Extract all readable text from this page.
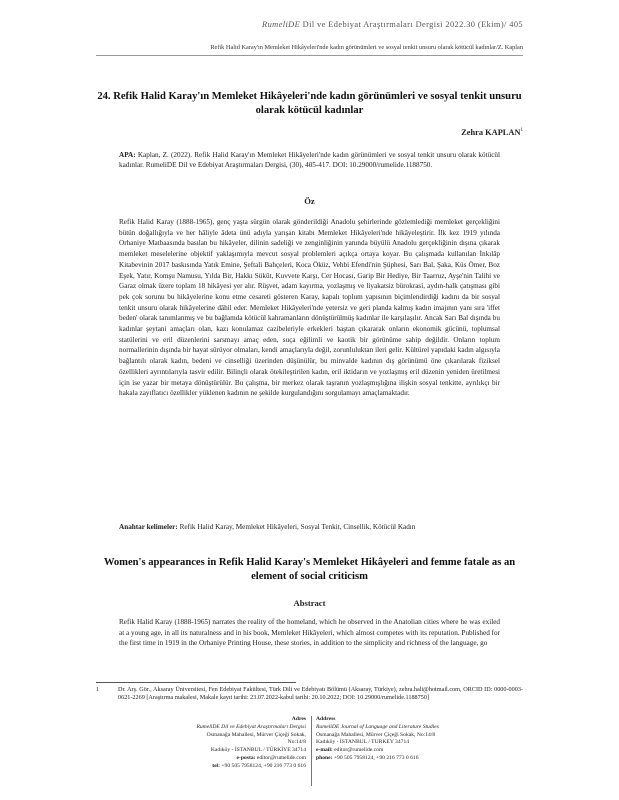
RumeliDE Dil ve Edebiyat Araştırmaları Dergisi 2022.30 (Ekim)/ 405
Refik Halid Karay'ın Memleket Hikâyeleri'nde kadın görünümleri ve sosyal tenkit unsuru olarak kötücül kadınlar/Z. Kaplan
24. Refik Halid Karay'ın Memleket Hikâyeleri'nde kadın görünümleri ve sosyal tenkit unsuru olarak kötücül kadınlar
Zehra KAPLAN$^1$
APA: Kaplan, Z. (2022). Refik Halid Karay'ın Memleket Hikâyeleri'nde kadın görünümleri ve sosyal tenkit unsuru olarak kötücül kadınlar. RumeliDE Dil ve Edebiyat Araştırmaları Dergisi, (30), 405-417. DOI: 10.29000/rumelide.1188750.
Öz
Refik Halid Karay (1888-1965), genç yaşta sürgün olarak gönderildiği Anadolu şehirlerinde gözlemlediği memleket gerçekliğini bütün doğallığıyla ve her hâliyle âdeta ünü adıyla yarışan kitabı Memleket Hikâyeleri'nde hikâyeleştirir. İlk kez 1919 yılında Orhaniye Matbaasında basılan bu hikâyeler, dilinin sadeliği ve zenginliğinin yanında büyülü Anadolu gerçekliğinin dışına çıkarak memleket meselelerine objektif yaklaşımıyla mevcut sosyal problemleri açıkça ortaya koyar. Bu çalışmada kullanılan İnkılâp Kitabevinin 2017 baskısında Yatık Emine, Şeftali Bahçeleri, Koca Öküz, Vehbi Efendi'nin Şüphesi, Sarı Bal, Şaka, Küs Ömer, Boz Eşek, Yatır, Komşu Namusu, Yılda Bir, Hakkı Sükût, Kuvvete Karşı, Cer Hocası, Garip Bir Hediye, Bir Taarruz, Ayşe'nin Talihi ve Garaz olmak üzere toplam 18 hikâyesi yer alır. Rüşvet, adam kayırma, yozlaşmış ve liyakatsiz bürokrasi, aydın-halk çatışması gibi pek çok sorunu bu hikâyelerine konu etme cesareti gösteren Karay, kapalı toplum yapısının biçimlendirdiği kadını da bir sosyal tenkit unsuru olarak hikâyelerine dâhil eder. Memleket Hikâyeleri'nde yetersiz ve geri planda kalmış kadın imajının yanı sıra 'iffet beden' olarak tanımlanmış ve bu bağlamda kötücül kahramanların dönüştürülmüş kadınlar ile karşılaşılır. Ancak Sarı Bal dışında bu kadınlar şeytani amaçları olan, kazı konulamaz cazibeleriyle erkekleri baştan çıkararak onların ekonomik gücünü, toplumsal statülerini ve eril düzenlerini sarsmayı amaç eden, suça eğilimli ve kaotik bir görünüme sahip değildir. Onların toplum normallerinin dışında bir hayat sürüyor olmaları, kendi amaçlarıyla değil, zorunluluktan ileri gelir. Kültürel yapıdaki kadın algısıyla bağlantılı olarak kadın, bedeni ve cinselliği üzerinden düşünülür, bu minvalde kadının dış görünümü öne çıkarılarak fiziksel özellikleri ayrıntılarıyla tasvir edilir. Bilinçli olarak ötekileştirilen kadın, eril iktidarın ve yozlaşmış eril düzenin yeniden üretilmesi için ise yazar bir metaya dönüştürülür. Bu çalışma, bir merkez olarak taşranın yozlaşmışlığına ilişkin sosyal tenkitte, ayrılıkçı bir hakala zayıflatıcı özellikler yüklenen kadının ne şekilde kurgulandığını sorgulamayı amaçlamaktadır.
Anahtar kelimeler: Refik Halid Karay, Memleket Hikâyeleri, Sosyal Tenkit, Cinsellik, Kötücül Kadın
Women's appearances in Refik Halid Karay's Memleket Hikâyeleri and femme fatale as an element of social criticism
Abstract
Refik Halid Karay (1888-1965) narrates the reality of the homeland, which he observed in the Anatolian cities where he was exiled at a young age, in all its naturalness and in his book, Memleket Hikâyeleri, which almost competes with its reputation. Published for the first time in 1919 in the Orhaniye Printing House, these stories, in addition to the simplicity and richness of the language, go
1	Dr. Arş. Gör., Aksaray Üniversitesi, Fen Edebiyat Fakültesi, Türk Dili ve Edebiyatı Bölümü (Aksaray, Türkiye), zehra.hali@hotmail.com, ORCID ID: 0000-0003-0621-2269 [Araştırma makalesi, Makale kayıt tarihi: 23.07.2022-kabul tarihi: 20.10.2022; DOI: 10.29000/rumelide.1188750]
Adres
RumeliDE Dil ve Edebiyat Araştırmaları Dergisi
Osmanağa Mahallesi, Mürver Çiçeği Sokak, No:14/8
Kadıköy - İSTANBUL / TÜRKİYE 34714
e-posta: editor@rumelide.com
tel: +90 505 7958124, +90 216 773 0 616
Address
RumeliDE Journal of Language and Literature Studies
Osmanağa Mahallesi, Mürver Çiçeği Sokak, No:14/8
Kadıköy - İSTANBUL / TURKEY 34714
e-mail: editor@rumelide.com
phone: +90 505 7958124, +90 216 773 0 616
